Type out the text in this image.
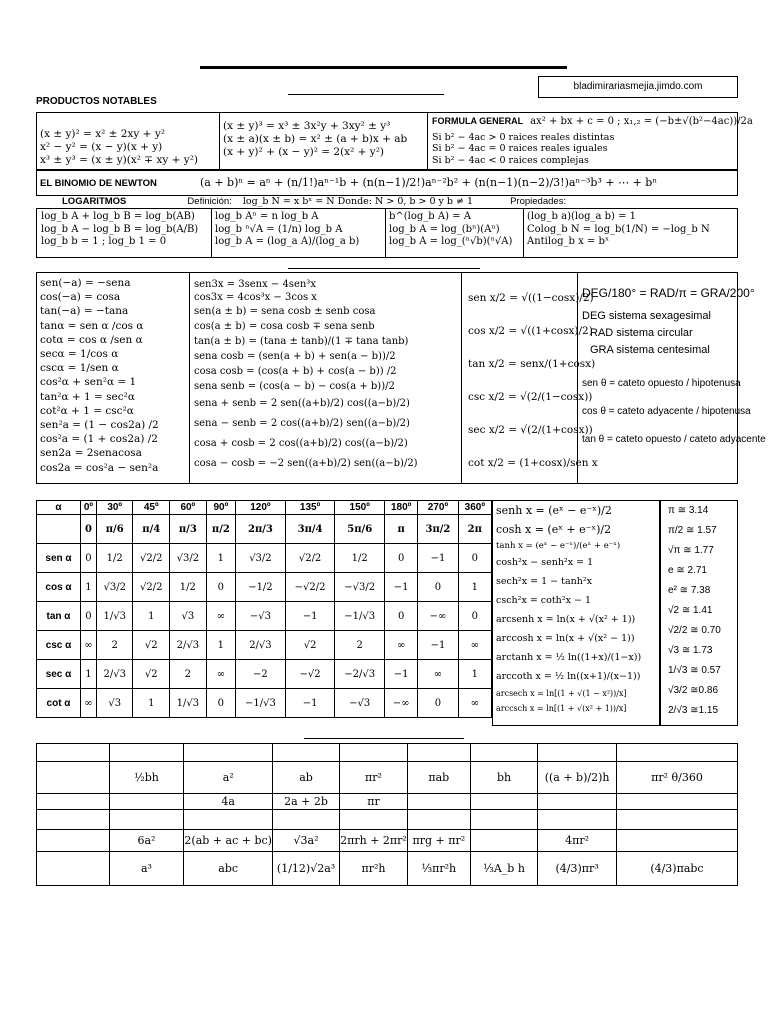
bladimirariasmejia.jimdo.com
PRODUCTOS NOTABLES
(x ± y)² = x² ± 2xy + y²
x² − y² = (x − y)(x + y)
x³ ± y³ = (x ± y)(x² ∓ xy + y²)
(x ± y)³ = x³ ± 3x²y + 3xy² ± y³
(x ± a)(x ± b) = x² ± (a + b)x + ab
(x + y)² + (x − y)² = 2(x² + y²)
FORMULA GENERAL ax² + bx + c = 0 ; x₁,₂ = (−b±√(b²−4ac))/2a
Si b² − 4ac > 0 raices reales distintas
Si b² − 4ac = 0 raices reales iguales
Si b² − 4ac < 0 raices complejas
EL BINOMIO DE NEWTON	(a + b)ⁿ = aⁿ + (n/1!)aⁿ⁻¹b + (n(n−1)/2!)aⁿ⁻²b² + (n(n−1)(n−2)/3!)aⁿ⁻³b³ + ⋯ + bⁿ
LOGARITMOS	Definición: log_b N = x bˣ = N Donde: N > 0, b > 0 y b ≠ 1	Propiedades:
log_b A + log_b B = log_b(AB)
log_b A − log_b B = log_b(A/B)
log_b b = 1 ; log_b 1 = 0
log_b Aⁿ = n log_b A
log_b ⁿ√A = (1/n) log_b A
log_b A = (log_a A)/(log_a b)
b^(log_b A) = A
log_b A = log_(bⁿ)(Aⁿ)
log_b A = log_(ⁿ√b)(ⁿ√A)
(log_b a)(log_a b) = 1
Colog_b N = log_b(1/N) = −log_b N
Antilog_b x = bˣ
sen(−a) = −sena
cos(−a) = cosa
tan(−a) = −tana
tanα = sen α /cos α
cotα = cos α /sen α
secα = 1/cos α
cscα = 1/sen α
cos²α + sen²α = 1
tan²α + 1 = sec²α
cot²α + 1 = csc²α
sen²a = (1 − cos2a) /2
cos²a = (1 + cos2a) /2
sen2a = 2senacosa
cos2a = cos²a − sen²a
sen3x = 3senx − 4sen³x
cos3x = 4cos³x − 3cos x
sen(a ± b) = sena cosb ± senb cosa
cos(a ± b) = cosa cosb ∓ sena senb
tan(a ± b) = (tana ± tanb)/(1 ∓ tana tanb)
sena cosb = (sen(a + b) + sen(a − b))/2
cosa cosb = (cos(a + b) + cos(a − b)) /2
sena senb = (cos(a − b) − cos(a + b))/2
sena + senb = 2 sen((a+b)/2) cos((a−b)/2)
sena − senb = 2 cos((a+b)/2) sen((a−b)/2)
cosa + cosb = 2 cos((a+b)/2) cos((a−b)/2)
cosa − cosb = −2 sen((a+b)/2) sen((a−b)/2)
sen x/2 = √((1−cosx)/2)
cos x/2 = √((1+cosx)/2)
tan x/2 = senx/(1+cosx)
csc x/2 = √(2/(1−cosx))
sec x/2 = √(2/(1+cosx))
cot x/2 = (1+cosx)/sen x
DEG/180° = RAD/π = GRA/200°
DEG sistema sexagesimal
RAD sistema circular
GRA sistema centesimal
sen θ = cateto opuesto / hipotenusa
cos θ = cateto adyacente / hipotenusa
tan θ = cateto opuesto / cateto adyacente
α	0º	30º	45º	60º	90º	120º	135º	150º	180º	270º	360º
	0	π/6	π/4	π/3	π/2	2π/3	3π/4	5π/6	π	3π/2	2π
sen α	0	1/2	√2/2	√3/2	1	√3/2	√2/2	1/2	0	−1	0
cos α	1	√3/2	√2/2	1/2	0	−1/2	−√2/2	−√3/2	−1	0	1
tan α	0	1/√3	1	√3	∞	−√3	−1	−1/√3	0	−∞	0
csc α	∞	2	√2	2/√3	1	2/√3	√2	2	∞	−1	∞
sec α	1	2/√3	√2	2	∞	−2	−√2	−2/√3	−1	∞	1
cot α	∞	√3	1	1/√3	0	−1/√3	−1	−√3	−∞	0	∞
senh x = (eˣ − e⁻ˣ)/2
cosh x = (eˣ + e⁻ˣ)/2
tanh x = (eˣ − e⁻ˣ)/(eˣ + e⁻ˣ)
cosh²x − senh²x = 1
sech²x = 1 − tanh²x
csch²x = coth²x − 1
arcsenh x = ln(x + √(x² + 1))
arccosh x = ln(x + √(x² − 1))
arctanh x = ½ ln((1+x)/(1−x))
arccoth x = ½ ln((x+1)/(x−1))
arcsech x = ln[(1 + √(1 − x²))/x]
arccsch x = ln[(1 + √(x² + 1))/x]
π ≅ 3.14
π/2 ≅ 1.57
√π ≅ 1.77
e ≅ 2.71
e² ≅ 7.38
√2 ≅ 1.41
√2/2 ≅ 0.70
√3 ≅ 1.73
1/√3 ≅ 0.57
√3/2 ≅0.86
2/√3 ≅1.15

	½bh	a²	ab	πr²	πab	bh	((a + b)/2)h	πr² θ/360
		4a	2a + 2b	πr				

	6a²	2(ab + ac + bc)	√3a²	2πrh + 2πr²	πrg + πr²		4πr²	
	a³	abc	(1/12)√2a³	πr²h	⅓πr²h	⅓A_b h	(4/3)πr³	(4/3)πabc
